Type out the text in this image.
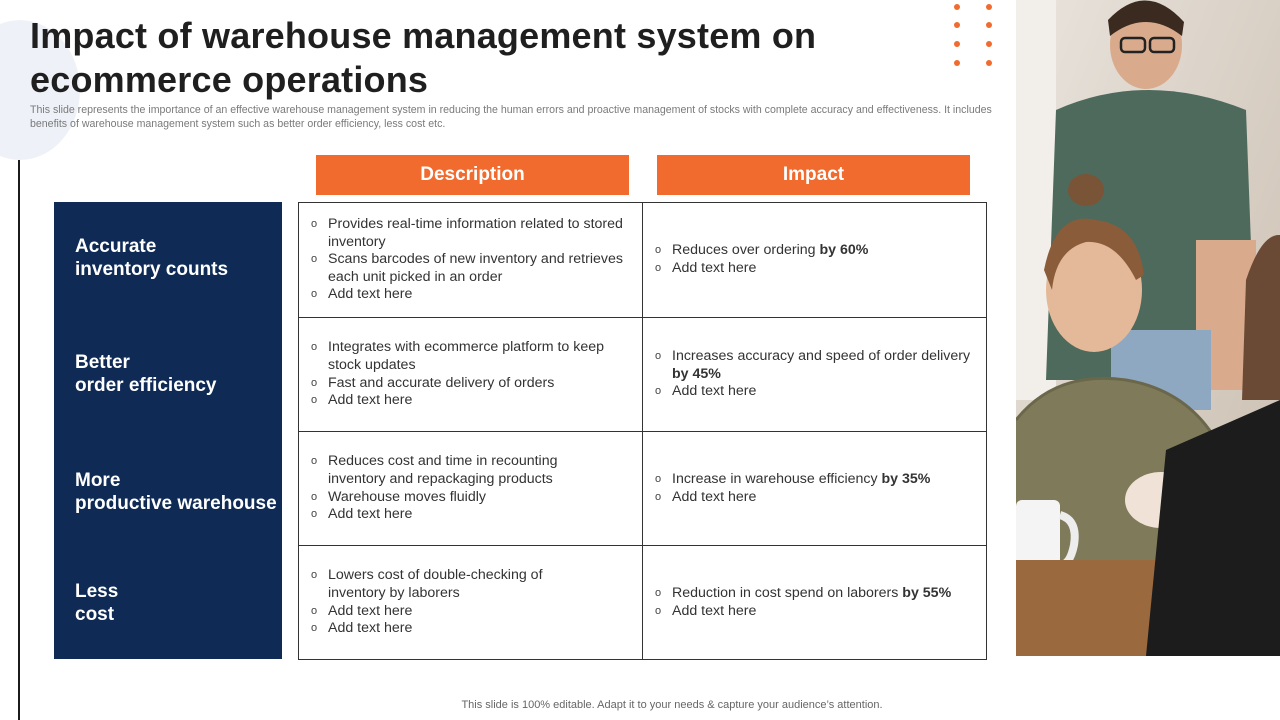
Impact of warehouse management system on
ecommerce operations

This slide represents the importance of an effective warehouse management system in reducing the human errors and proactive management of stocks with complete accuracy and effectiveness. It includes benefits of warehouse management system such as better order efficiency, less cost etc.

Description	Impact
Accurate
inventory counts
Better
order efficiency
More
productive warehouse
Less
cost
o Provides real-time information related to stored inventory
o Scans barcodes of new inventory and retrieves each unit picked in an order
o Add text here
o Reduces over ordering by 60%
o Add text here
o Integrates with ecommerce platform to keep stock updates
o Fast and accurate delivery of orders
o Add text here
o Increases accuracy and speed of order delivery by 45%
o Add text here
o Reduces cost and time in recounting inventory and repackaging products
o Warehouse moves fluidly
o Add text here
o Increase in warehouse efficiency by 35%
o Add text here
o Lowers cost of double-checking of inventory by laborers
o Add text here
o Add text here
o Reduction in cost spend on laborers by 55%
o Add text here
This slide is 100% editable. Adapt it to your needs & capture your audience’s attention.
